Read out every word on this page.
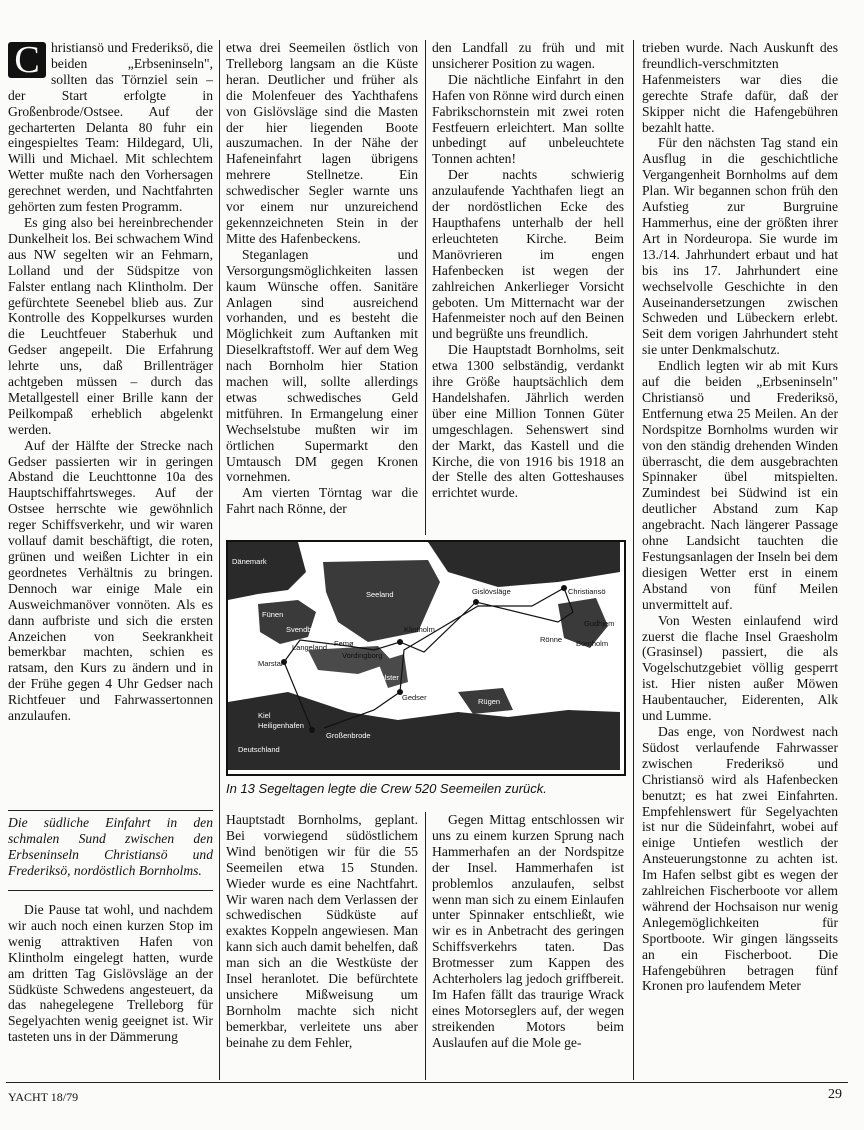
C hristiansö und Frederiksö, die beiden „Erbseninseln", sollten das Törnziel sein – der Start erfolgte in Großenbrode/Ostsee. Auf der gecharterten Delanta 80 fuhr ein eingespieltes Team: Hildegard, Uli, Willi und Michael. Mit schlechtem Wetter mußte nach den Vorhersagen gerechnet werden, und Nachtfahrten gehörten zum festen Programm.

Es ging also bei hereinbrechender Dunkelheit los. Bei schwachem Wind aus NW segelten wir an Fehmarn, Lolland und der Südspitze von Falster entlang nach Klintholm. Der gefürchtete Seenebel blieb aus. Zur Kontrolle des Koppelkurses wurden die Leuchtfeuer Staberhuk und Gedser angepeilt. Die Erfahrung lehrte uns, daß Brillenträger achtgeben müssen – durch das Metallgestell einer Brille kann der Peilkompaß erheblich abgelenkt werden.

Auf der Hälfte der Strecke nach Gedser passierten wir in geringen Abstand die Leuchttonne 10a des Hauptschiffahrtsweges. Auf der Ostsee herrschte wie gewöhnlich reger Schiffsverkehr, und wir waren vollauf damit beschäftigt, die roten, grünen und weißen Lichter in ein geordnetes Verhältnis zu bringen. Dennoch war einige Male ein Ausweichmanöver vonnöten. Als es dann aufbriste und sich die ersten Anzeichen von Seekrankheit bemerkbar machten, schien es ratsam, den Kurs zu ändern und in der Frühe gegen 4 Uhr Gedser nach Richtfeuer und Fahrwassertonnen anzulaufen.

Die südliche Einfahrt in den schmalen Sund zwischen den Erbseninseln Christiansö und Frederiksö, nordöstlich Bornholms.

Die Pause tat wohl, und nachdem wir auch noch einen kurzen Stop im wenig attraktiven Hafen von Klintholm eingelegt hatten, wurde am dritten Tag Gislövsläge an der Südküste Schwedens angesteuert, da das nahegelegene Trelleborg für Segelyachten wenig geeignet ist. Wir tasteten uns in der Dämmerung

etwa drei Seemeilen östlich von Trelleborg langsam an die Küste heran. Deutlicher und früher als die Molenfeuer des Yachthafens von Gislövsläge sind die Masten der hier liegenden Boote auszumachen. In der Nähe der Hafeneinfahrt lagen übrigens mehrere Stellnetze. Ein schwedischer Segler warnte uns vor einem nur unzureichend gekennzeichneten Stein in der Mitte des Hafenbeckens.

Steganlagen und Versorgungsmöglichkeiten lassen kaum Wünsche offen. Sanitäre Anlagen sind ausreichend vorhanden, und es besteht die Möglichkeit zum Auftanken mit Dieselkraftstoff. Wer auf dem Weg nach Bornholm hier Station machen will, sollte allerdings etwas schwedisches Geld mitführen. In Ermangelung einer Wechselstube mußten wir im örtlichen Supermarkt den Umtausch DM gegen Kronen vornehmen.

Am vierten Törntag war die Fahrt nach Rönne, der

den Landfall zu früh und mit unsicherer Position zu wagen.

Die nächtliche Einfahrt in den Hafen von Rönne wird durch einen Fabrikschornstein mit zwei roten Festfeuern erleichtert. Man sollte unbedingt auf unbeleuchtete Tonnen achten!

Der nachts schwierig anzulaufende Yachthafen liegt an der nordöstlichen Ecke des Haupthafens unterhalb der hell erleuchteten Kirche. Beim Manövrieren im engen Hafenbecken ist wegen der zahlreichen Ankerlieger Vorsicht geboten. Um Mitternacht war der Hafenmeister noch auf den Beinen und begrüßte uns freundlich.

Die Hauptstadt Bornholms, seit etwa 1300 selbständig, verdankt ihre Größe hauptsächlich dem Handelshafen. Jährlich werden über eine Million Tonnen Güter umgeschlagen. Sehenswert sind der Markt, das Kastell und die Kirche, die von 1916 bis 1918 an der Stelle des alten Gotteshauses errichtet wurde.

trieben wurde. Nach Auskunft des freundlich-verschmitzten Hafenmeisters war dies die gerechte Strafe dafür, daß der Skipper nicht die Hafengebühren bezahlt hatte.

Für den nächsten Tag stand ein Ausflug in die geschichtliche Vergangenheit Bornholms auf dem Plan. Wir begannen schon früh den Aufstieg zur Burgruine Hammerhus, eine der größten ihrer Art in Nordeuropa. Sie wurde im 13./14. Jahrhundert erbaut und hat bis ins 17. Jahrhundert eine wechselvolle Geschichte in den Auseinandersetzungen zwischen Schweden und Lübeckern erlebt. Seit dem vorigen Jahrhundert steht sie unter Denkmalschutz.

Endlich legten wir ab mit Kurs auf die beiden „Erbseninseln" Christiansö und Frederiksö, Entfernung etwa 25 Meilen. An der Nordspitze Bornholms wurden wir von den ständig drehenden Winden überrascht, die dem ausgebrachten Spinnaker übel mitspielten. Zumindest bei Südwind ist ein deutlicher Abstand zum Kap angebracht. Nach längerer Passage ohne Landsicht tauchten die Festungsanlagen der Inseln bei dem diesigen Wetter erst in einem Abstand von fünf Meilen unvermittelt auf.

Von Westen einlaufend wird zuerst die flache Insel Graesholm (Grasinsel) passiert, die als Vogelschutzgebiet völlig gesperrt ist. Hier nisten außer Möwen Haubentaucher, Eiderenten, Alk und Lumme.

Das enge, von Nordwest nach Südost verlaufende Fahrwasser zwischen Frederiksö und Christiansö wird als Hafenbecken benutzt; es hat zwei Einfahrten. Empfehlenswert für Segelyachten ist nur die Südeinfahrt, wobei auf einige Untiefen westlich der Ansteuerungstonne zu achten ist. Im Hafen selbst gibt es wegen der zahlreichen Fischerboote vor allem während der Hochsaison nur wenig Anlegemöglichkeiten für Sportboote. Wir gingen längsseits an ein Fischerboot. Die Hafengebühren betragen fünf Kronen pro laufendem Meter

Dänemark
Fünen
Seeland
Svendborg
Langeland Femø
Vordingborg
Klintholm
Marstal
Falster
Gedser
Kiel
Heiligenhafen
Großenbrode
Rügen
Deutschland
Gislövsläge	Christiansö
Rönne
Gudhjem
Bornholm
In 13 Segeltagen legte die Crew 520 Seemeilen zurück.

Hauptstadt Bornholms, geplant. Bei vorwiegend südöstlichem Wind benötigen wir für die 55 Seemeilen etwa 15 Stunden. Wieder wurde es eine Nachtfahrt. Wir waren nach dem Verlassen der schwedischen Südküste auf exaktes Koppeln angewiesen. Man kann sich auch damit behelfen, daß man sich an die Westküste der Insel heranlotet. Die befürchtete unsichere Mißweisung um Bornholm machte sich nicht bemerkbar, verleitete uns aber beinahe zu dem Fehler,

Gegen Mittag entschlossen wir uns zu einem kurzen Sprung nach Hammerhafen an der Nordspitze der Insel. Hammerhafen ist problemlos anzulaufen, selbst wenn man sich zu einem Einlaufen unter Spinnaker entschließt, wie wir es in Anbetracht des geringen Schiffsverkehrs taten. Das Brotmesser zum Kappen des Achterholers lag jedoch griffbereit. Im Hafen fällt das traurige Wrack eines Motorseglers auf, der wegen streikenden Motors beim Auslaufen auf die Mole ge-

YACHT 18/79	29
